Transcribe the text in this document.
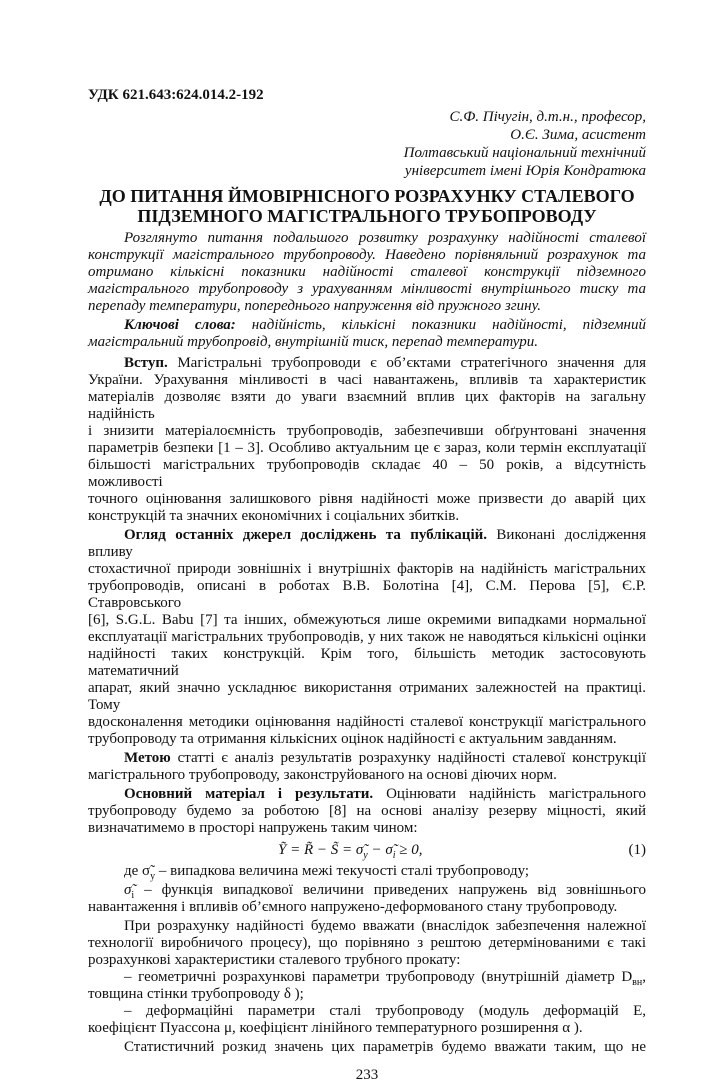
УДК 621.643:624.014.2-192
С.Ф. Пічугін, д.т.н., професор,
О.Є. Зима, асистент
Полтавський національний технічний
університет імені Юрія Кондратюка
ДО ПИТАННЯ ЙМОВІРНІСНОГО РОЗРАХУНКУ СТАЛЕВОГО
ПІДЗЕМНОГО МАГІСТРАЛЬНОГО ТРУБОПРОВОДУ
Розглянуто питання подальшого розвитку розрахунку надійності сталевої
конструкції магістрального трубопроводу. Наведено порівняльний розрахунок та
отримано кількісні показники надійності сталевої конструкції підземного
магістрального трубопроводу з урахуванням мінливості внутрішнього тиску та
перепаду температури, попереднього напруження від пружного згину.
Ключові слова: надійність, кількісні показники надійності, підземний
магістральний трубопровід, внутрішній тиск, перепад температури.
Вступ. Магістральні трубопроводи є об’єктами стратегічного значення для
України. Урахування мінливості в часі навантажень, впливів та характеристик
матеріалів дозволяє взяти до уваги взаємний вплив цих факторів на загальну надійність
і знизити матеріалоємність трубопроводів, забезпечивши обґрунтовані значення
параметрів безпеки [1 – 3]. Особливо актуальним це є зараз, коли термін експлуатації
більшості магістральних трубопроводів складає 40 – 50 років, а відсутність можливості
точного оцінювання залишкового рівня надійності може призвести до аварій цих
конструкцій та значних економічних і соціальних збитків.
Огляд останніх джерел досліджень та публікацій. Виконані дослідження впливу
стохастичної природи зовнішніх і внутрішніх факторів на надійність магістральних
трубопроводів, описані в роботах В.В. Болотіна [4], С.М. Перова [5], Є.Р. Ставровського
[6], S.G.L. Babu [7] та інших, обмежуються лише окремими випадками нормальної
експлуатації магістральних трубопроводів, у них також не наводяться кількісні оцінки
надійності таких конструкцій. Крім того, більшість методик застосовують математичний
апарат, який значно ускладнює використання отриманих залежностей на практиці. Тому
вдосконалення методики оцінювання надійності сталевої конструкції магістрального
трубопроводу та отримання кількісних оцінок надійності є актуальним завданням.
Метою статті є аналіз результатів розрахунку надійності сталевої конструкції
магістрального трубопроводу, законструйованого на основі діючих норм.
Основний матеріал і результати. Оцінювати надійність магістрального
трубопроводу будемо за роботою [8] на основі аналізу резерву міцності, який
визначатимемо в просторі напружень таким чином:
Ỹ = R̃ − S̃ = $\sigmã_y$ − $\sigmã_i \ge 0$,	(1)
де $\sigmã_y$ – випадкова величина межі текучості сталі трубопроводу;
$\sigmã_i$ – функція випадкової величини приведених напружень від зовнішнього
навантаження і впливів об’ємного напружено-деформованого стану трубопроводу.
При розрахунку надійності будемо вважати (внаслідок забезпечення належної
технології виробничого процесу), що порівняно з рештою детермінованими є такі
розрахункові характеристики сталевого трубного прокату:
– геометричні розрахункові параметри трубопроводу (внутрішній діаметр $D_{вн}$,
товщина стінки трубопроводу δ );
– деформаційні параметри сталі трубопроводу (модуль деформацій E,
коефіцієнт Пуассона μ, коефіцієнт лінійного температурного розширення α ).
Статистичний розкид значень цих параметрів будемо вважати таким, що не
233
